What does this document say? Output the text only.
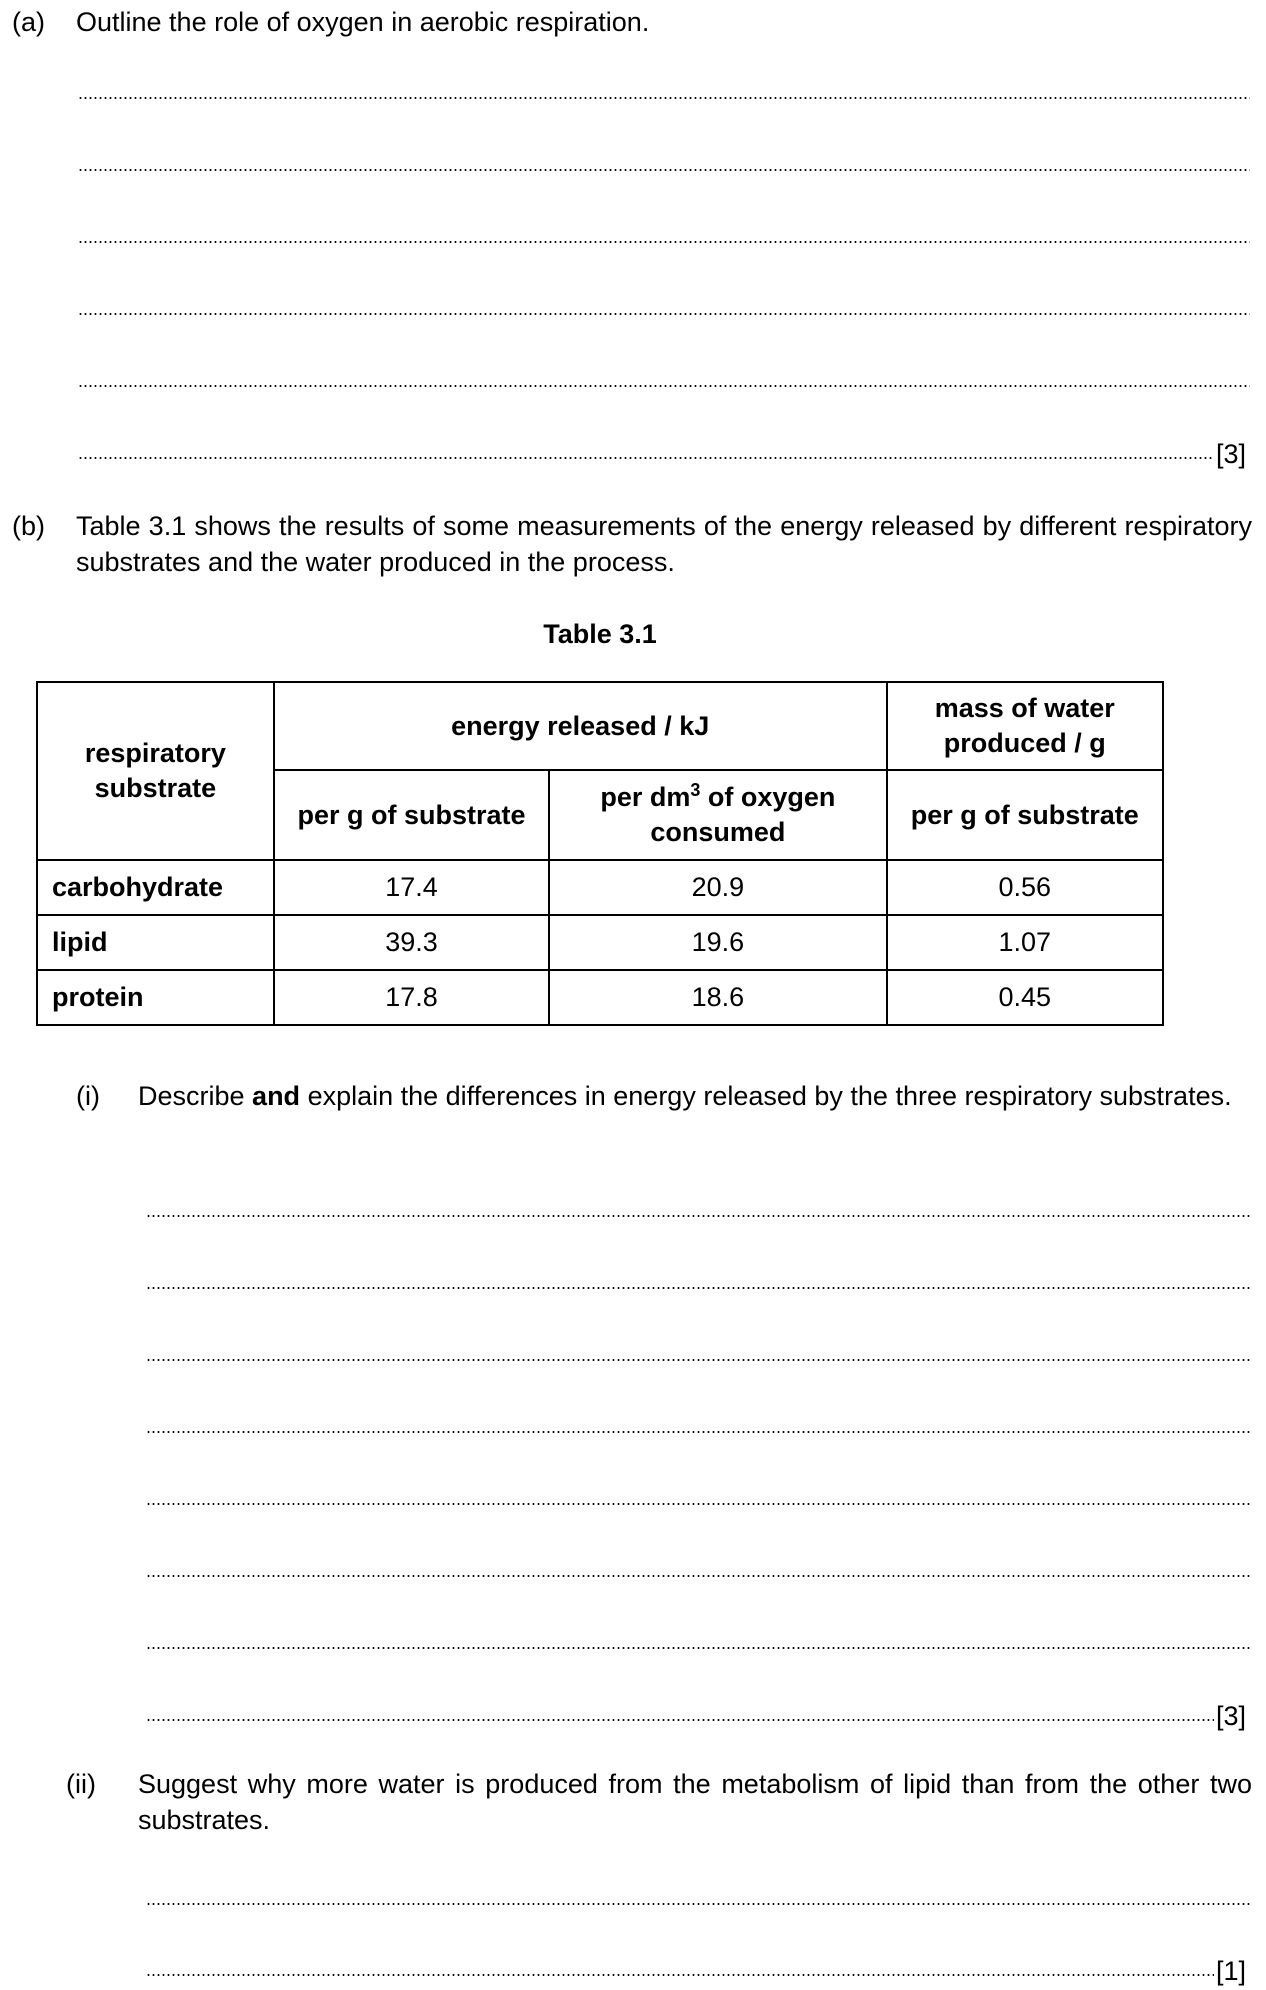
(a) Outline the role of oxygen in aerobic respiration.
[3]
(b) Table 3.1 shows the results of some measurements of the energy released by different respiratory substrates and the water produced in the process.
Table 3.1
respiratory substrate	energy released / kJ		mass of water produced / g
	per g of substrate	per $dm^3$ of oxygen consumed	per g of substrate
carbohydrate	17.4	20.9	0.56
lipid	39.3	19.6	1.07
protein	17.8	18.6	0.45
(i) Describe and explain the differences in energy released by the three respiratory substrates.
[3]
(ii) Suggest why more water is produced from the metabolism of lipid than from the other two substrates.
[1]
